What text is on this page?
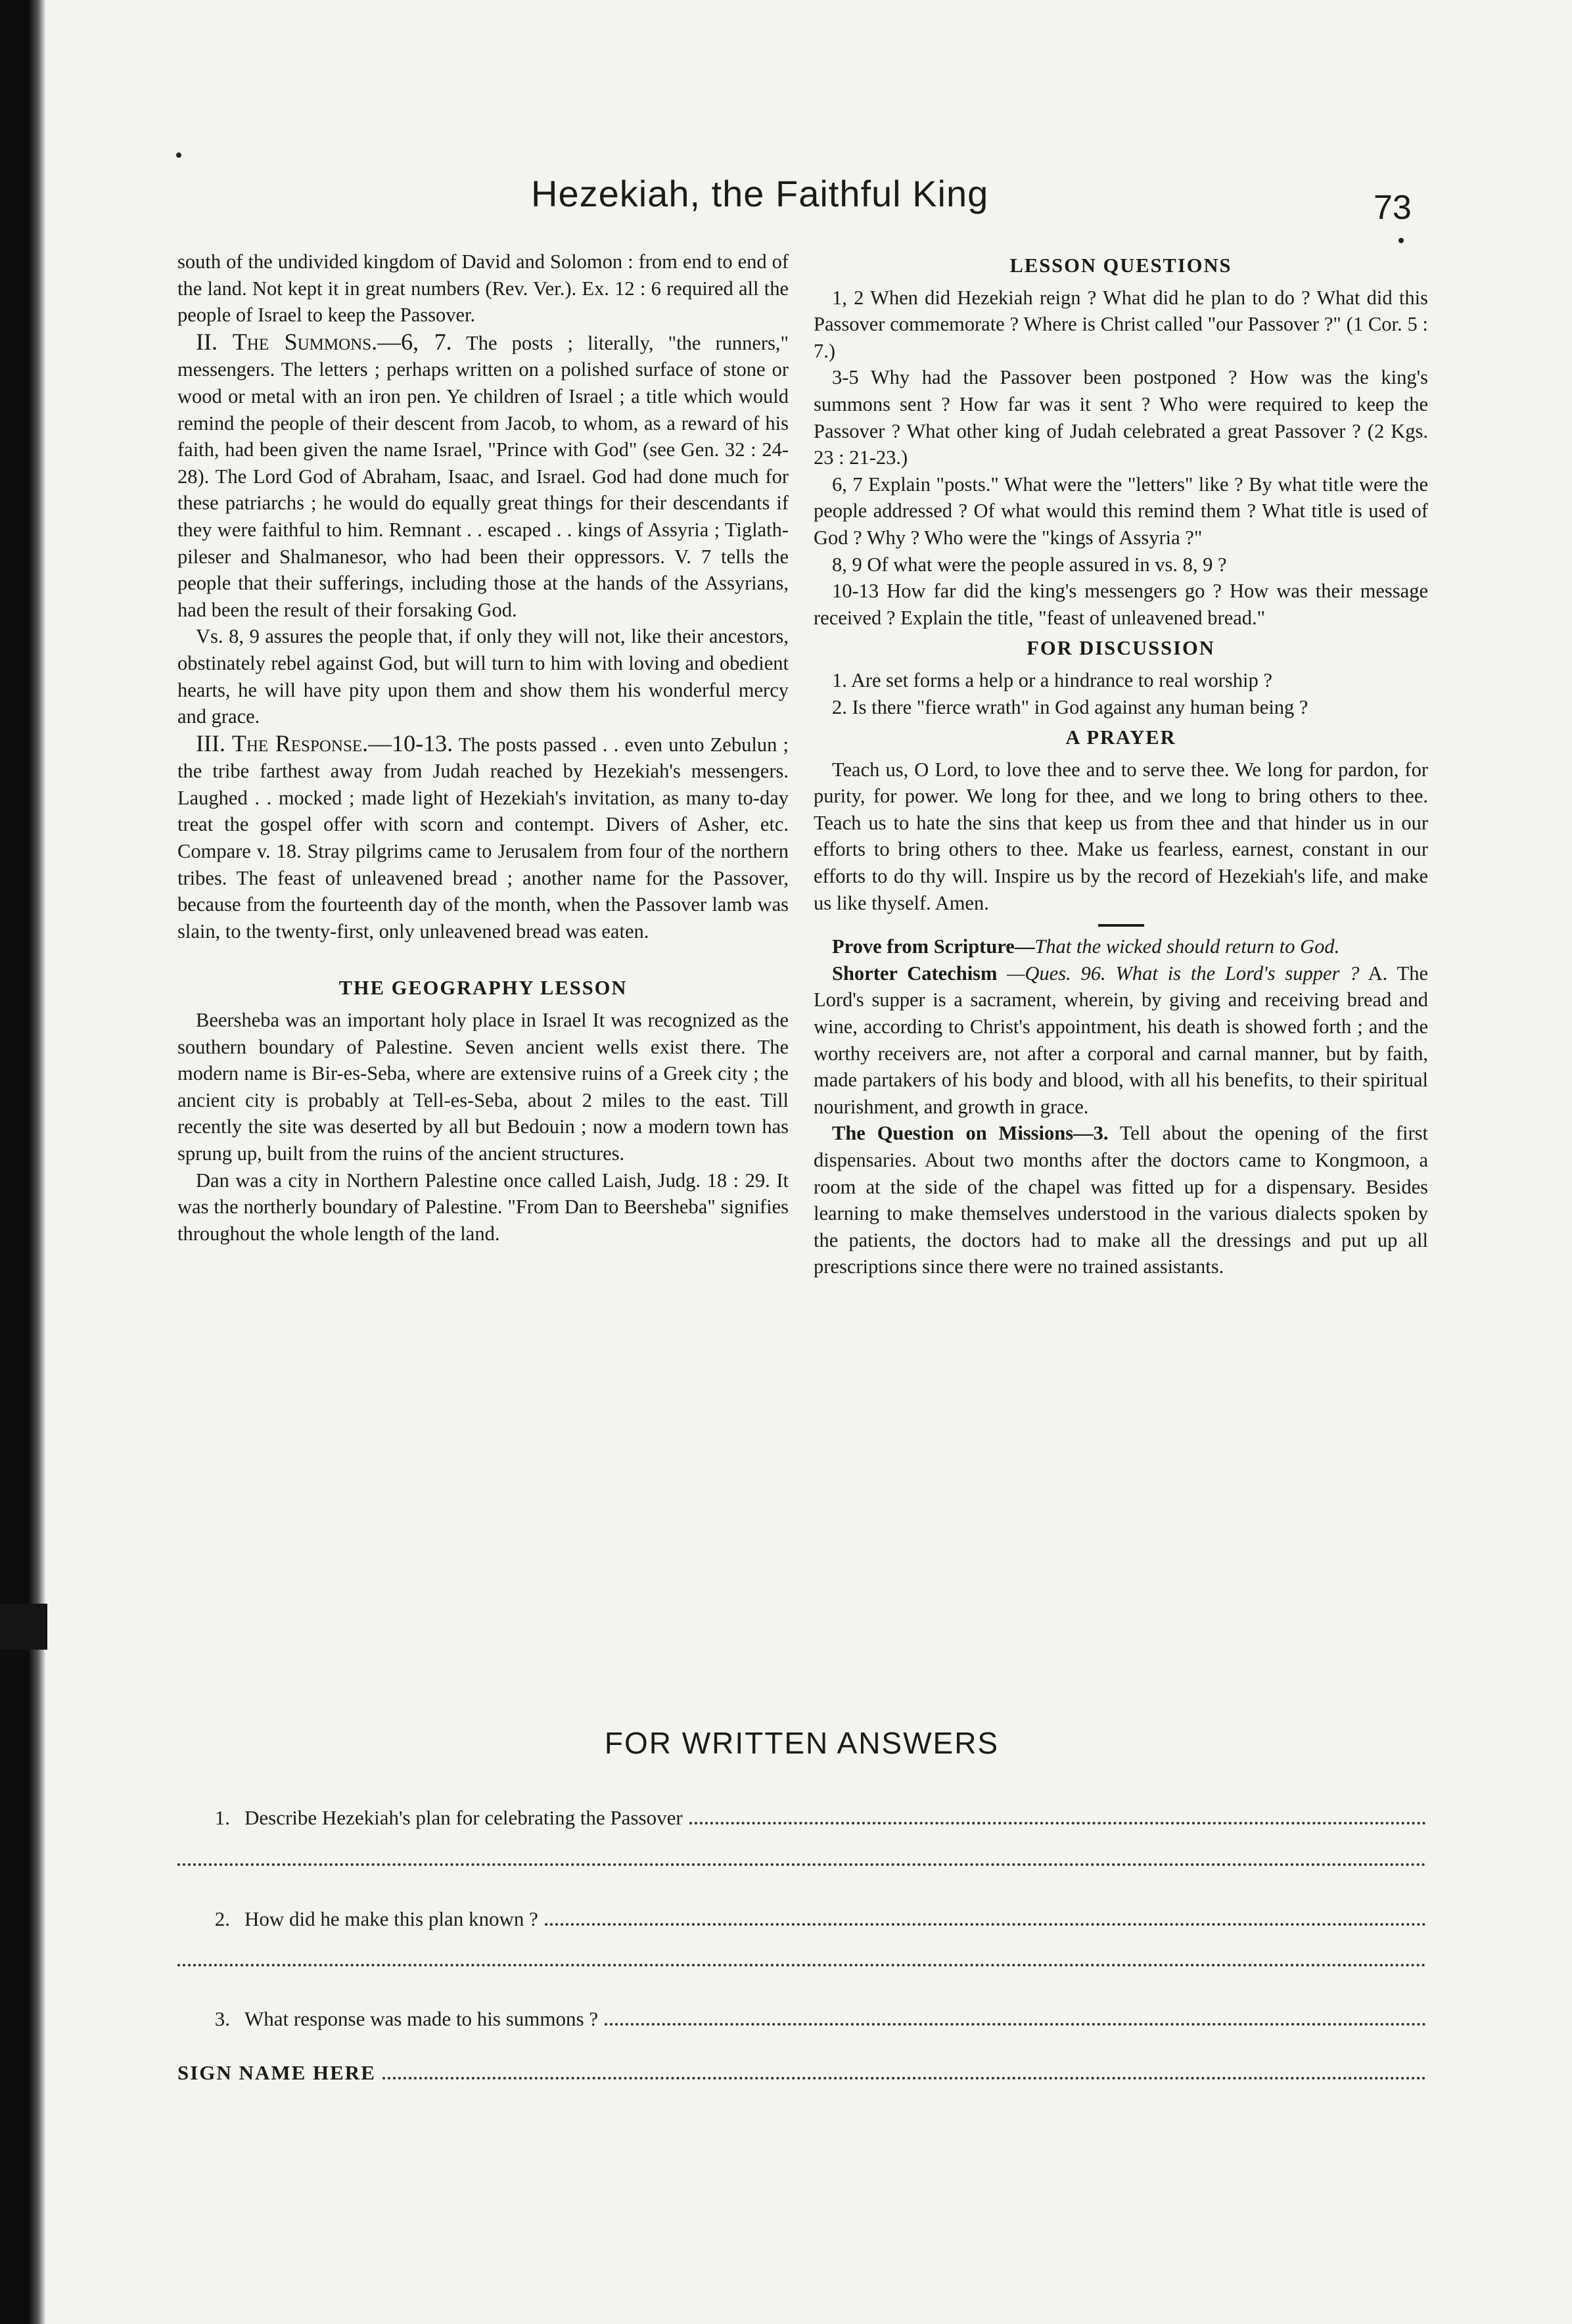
Hezekiah, the Faithful King	73

south of the undivided kingdom of David and Solomon : from end to end of the land. Not kept it in great numbers (Rev. Ver.). Ex. 12 : 6 required all the people of Israel to keep the Passover.

II. The Summons.—6, 7. The posts ; literally, "the runners," messengers. The letters ; perhaps written on a polished surface of stone or wood or metal with an iron pen. Ye children of Israel ; a title which would remind the people of their descent from Jacob, to whom, as a reward of his faith, had been given the name Israel, "Prince with God" (see Gen. 32 : 24-28). The Lord God of Abraham, Isaac, and Israel. God had done much for these patriarchs ; he would do equally great things for their descendants if they were faithful to him. Remnant . . escaped . . kings of Assyria ; Tiglath-pileser and Shalmanesor, who had been their oppressors. V. 7 tells the people that their sufferings, including those at the hands of the Assyrians, had been the result of their forsaking God.

Vs. 8, 9 assures the people that, if only they will not, like their ancestors, obstinately rebel against God, but will turn to him with loving and obedient hearts, he will have pity upon them and show them his wonderful mercy and grace.

III. The Response.—10-13. The posts passed . . even unto Zebulun ; the tribe farthest away from Judah reached by Hezekiah's messengers. Laughed . . mocked ; made light of Hezekiah's invitation, as many to-day treat the gospel offer with scorn and contempt. Divers of Asher, etc. Compare v. 18. Stray pilgrims came to Jerusalem from four of the northern tribes. The feast of unleavened bread ; another name for the Passover, because from the fourteenth day of the month, when the Passover lamb was slain, to the twenty-first, only unleavened bread was eaten.

THE GEOGRAPHY LESSON

Beersheba was an important holy place in Israel It was recognized as the southern boundary of Palestine. Seven ancient wells exist there. The modern name is Bir-es-Seba, where are extensive ruins of a Greek city ; the ancient city is probably at Tell-es-Seba, about 2 miles to the east. Till recently the site was deserted by all but Bedouin ; now a modern town has sprung up, built from the ruins of the ancient structures.

Dan was a city in Northern Palestine once called Laish, Judg. 18 : 29. It was the northerly boundary of Palestine. "From Dan to Beersheba" signifies throughout the whole length of the land.

LESSON QUESTIONS

1, 2 When did Hezekiah reign ? What did he plan to do ? What did this Passover commemorate ? Where is Christ called "our Passover ?" (1 Cor. 5 : 7.)

3-5 Why had the Passover been postponed ? How was the king's summons sent ? How far was it sent ? Who were required to keep the Passover ? What other king of Judah celebrated a great Passover ? (2 Kgs. 23 : 21-23.)

6, 7 Explain "posts." What were the "letters" like ? By what title were the people addressed ? Of what would this remind them ? What title is used of God ? Why ? Who were the "kings of Assyria ?"

8, 9 Of what were the people assured in vs. 8, 9 ?

10-13 How far did the king's messengers go ? How was their message received ? Explain the title, "feast of unleavened bread."

FOR DISCUSSION

1. Are set forms a help or a hindrance to real worship ?

2. Is there "fierce wrath" in God against any human being ?

A PRAYER

Teach us, O Lord, to love thee and to serve thee. We long for pardon, for purity, for power. We long for thee, and we long to bring others to thee. Teach us to hate the sins that keep us from thee and that hinder us in our efforts to bring others to thee. Make us fearless, earnest, constant in our efforts to do thy will. Inspire us by the record of Hezekiah's life, and make us like thyself. Amen.

Prove from Scripture—That the wicked should return to God.

Shorter Catechism —Ques. 96. What is the Lord's supper ? A. The Lord's supper is a sacrament, wherein, by giving and receiving bread and wine, according to Christ's appointment, his death is showed forth ; and the worthy receivers are, not after a corporal and carnal manner, but by faith, made partakers of his body and blood, with all his benefits, to their spiritual nourishment, and growth in grace.

The Question on Missions—3. Tell about the opening of the first dispensaries. About two months after the doctors came to Kongmoon, a room at the side of the chapel was fitted up for a dispensary. Besides learning to make themselves understood in the various dialects spoken by the patients, the doctors had to make all the dressings and put up all prescriptions since there were no trained assistants.

FOR WRITTEN ANSWERS
1. Describe Hezekiah's plan for celebrating the Passover
2. How did he make this plan known ?
3. What response was made to his summons ?
SIGN NAME HERE
